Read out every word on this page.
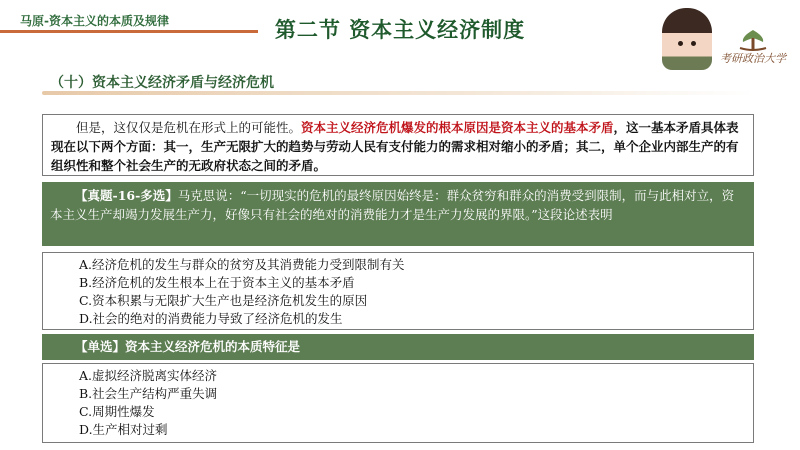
马原-资本主义的本质及规律	第二节 资本主义经济制度
考研政治大学
（十）资本主义经济矛盾与经济危机
但是，这仅仅是危机在形式上的可能性。资本主义经济危机爆发的根本原因是资本主义的基本矛盾，这一基本矛盾具体表现在以下两个方面：其一，生产无限扩大的趋势与劳动人民有支付能力的需求相对缩小的矛盾；其二，单个企业内部生产的有组织性和整个社会生产的无政府状态之间的矛盾。
【真题-16-多选】马克思说：“一切现实的危机的最终原因始终是：群众贫穷和群众的消费受到限制，而与此相对立，资本主义生产却竭力发展生产力，好像只有社会的绝对的消费能力才是生产力发展的界限。”这段论述表明
A.经济危机的发生与群众的贫穷及其消费能力受到限制有关
B.经济危机的发生根本上在于资本主义的基本矛盾
C.资本积累与无限扩大生产也是经济危机发生的原因
D.社会的绝对的消费能力导致了经济危机的发生
【单选】资本主义经济危机的本质特征是
A.虚拟经济脱离实体经济
B.社会生产结构严重失调
C.周期性爆发
D.生产相对过剩
